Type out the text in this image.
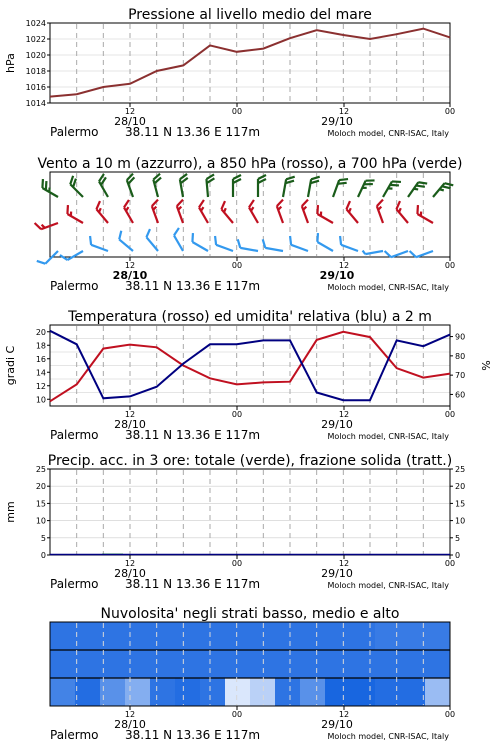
Pressione al livello medio del mare
1014
1016
1018
1020
1022
1024
hPa
12	00	12	00
28/10	29/10
Palermo 38.11 N 13.36 E 117m	Moloch model, CNR-ISAC, Italy
Vento a 10 m (azzurro), a 850 hPa (rosso), a 700 hPa (verde)
12	00	12	00
28/10	29/10
Palermo 38.11 N 13.36 E 117m	Moloch model, CNR-ISAC, Italy
Temperatura (rosso) ed umidita' relativa (blu) a 2 m
10
12
14
16
18
20
60
70
80
90
gradi C	%
12	00	12	00
28/10	29/10
Palermo 38.11 N 13.36 E 117m	Moloch model, CNR-ISAC, Italy
Precip. acc. in 3 ore: totale (verde), frazione solida (tratt.)
0
5
10
15
20
25
0
5
10
15
20
25
mm
12	00	12	00
28/10	29/10
Palermo 38.11 N 13.36 E 117m	Moloch model, CNR-ISAC, Italy
Nuvolosita' negli strati basso, medio e alto
12	00	12	00
28/10	29/10
Palermo 38.11 N 13.36 E 117m	Moloch model, CNR-ISAC, Italy
